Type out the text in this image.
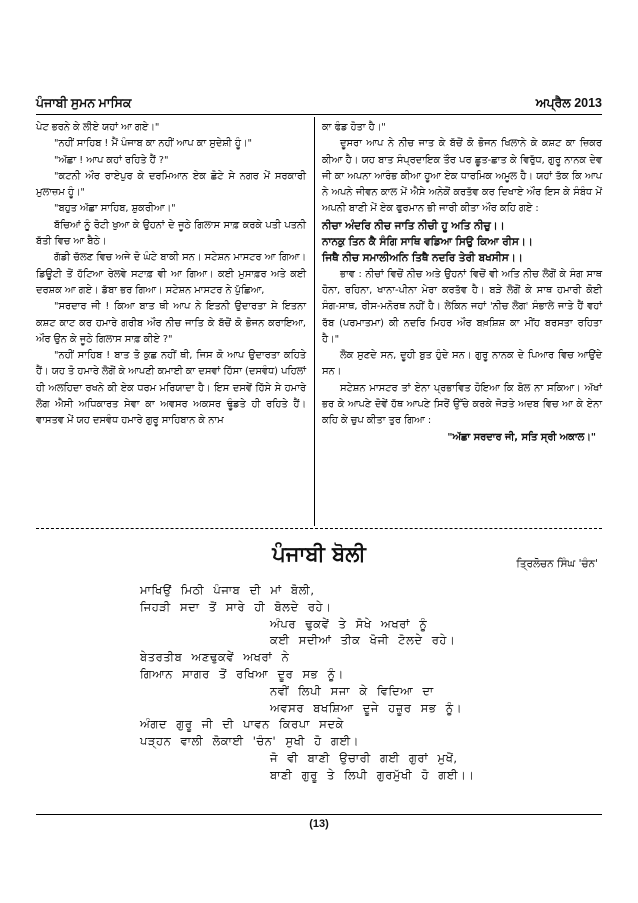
ਪੰਜਾਬੀ ਸੁਮਨ ਮਾਸਿਕ	ਅਪ੍ਰੈਲ 2013

ਪੇਟ ਭਰਨੇ ਕੇ ਲੀਏ ਯਹਾਂ ਆ ਗਏ।"

"ਨਹੀਂ ਸਾਹਿਬ ! ਮੈਂ ਪੰਜਾਬ ਕਾ ਨਹੀਂ ਆਪ ਕਾ ਸੁਦੇਸ਼ੀ ਹੂੰ।"

"ਅੱਛਾ ! ਆਪ ਕਹਾਂ ਰਹਿਤੇ ਹੈਂ ?"

"ਕਟਨੀ ਔਰ ਰਾਏਪੁਰ ਕੇ ਦਰਮਿਆਨ ਏਕ ਛੋਟੇ ਸੇ ਨਗਰ ਮੇਂ ਸਰਕਾਰੀ ਮੁਲਾਜ਼ਮ ਹੂੰ।"

"ਬਹੁਤ ਅੱਛਾ ਸਾਹਿਬ, ਸ਼ੁਕਰੀਆ।"

ਬੱਚਿਆਂ ਨੂੰ ਰੋਟੀ ਖੁਆ ਕੇ ਉਹਨਾਂ ਦੇ ਜੂਠੇ ਗਿਲਾਸ ਸਾਫ਼ ਕਰਕੇ ਪਤੀ ਪਤਨੀ ਬੱਤੀ ਵਿਚ ਆ ਬੈਠੇ।

ਗੱਡੀ ਚੱਲਣ ਵਿਚ ਅਜੇ ਦੋ ਘੰਟੇ ਬਾਕੀ ਸਨ। ਸਟੇਸ਼ਨ ਮਾਸਟਰ ਆ ਗਿਆ। ਡਿਊਟੀ ਤੋਂ ਹੱਟਿਆ ਰੇਲਵੇ ਸਟਾਫ਼ ਵੀ ਆ ਗਿਆ। ਕਈ ਮੁਸਾਫ਼ਰ ਅਤੇ ਕਈ ਦਰਸ਼ਕ ਆ ਗਏ। ਡੱਬਾ ਭਰ ਗਿਆ। ਸਟੇਸ਼ਨ ਮਾਸਟਰ ਨੇ ਪੁੱਛਿਆ,

"ਸਰਦਾਰ ਜੀ ! ਕਿਆ ਬਾਤ ਥੀ ਆਪ ਨੇ ਇਤਨੀ ਉਦਾਰਤਾ ਸੇ ਇਤਨਾ ਕਸ਼ਟ ਕਾਟ ਕਰ ਹਮਾਰੇ ਗਰੀਬ ਔਰ ਨੀਚ ਜਾਤਿ ਕੇ ਬੱਚੋਂ ਕੋ ਭੋਜਨ ਕਰਾਇਆ, ਔਰ ਉਨ ਕੇ ਜੂਠੇ ਗਿਲਾਸ ਸਾਫ਼ ਕੀਏ ?"

"ਨਹੀਂ ਸਾਹਿਬ ! ਬਾਤ ਤੋ ਕੁਛ ਨਹੀਂ ਥੀ, ਜਿਸ ਕੋ ਆਪ ਉਦਾਰਤਾ ਕਹਿਤੇ ਹੈਂ। ਯਹ ਤੋ ਹਮਾਰੇ ਲੋਗੋਂ ਕੇ ਆਪਣੀ ਕਮਾਈ ਕਾ ਦਸਵਾਂ ਹਿੱਸਾ (ਦਸਵੰਧ) ਪਹਿਲਾਂ ਹੀ ਅਲਹਿਦਾ ਰਖਨੇ ਕੀ ਏਕ ਧਰਮ ਮਰਿਯਾਦਾ ਹੈ। ਇਸ ਦਸਵੇਂ ਹਿੱਸੇ ਸੇ ਹਮਾਰੇ ਲੋਗ ਐਸੀ ਅਧਿਕਾਰਤ ਸੇਵਾ ਕਾ ਅਵਸਰ ਅਕਸਰ ਢੂੰਡਤੇ ਹੀ ਰਹਿਤੇ ਹੈਂ। ਵਾਸਤਵ ਮੇਂ ਯਹ ਦਸਵੰਧ ਹਮਾਰੇ ਗੁਰੂ ਸਾਹਿਬਾਨ ਕੇ ਨਾਮ

ਕਾ ਫੰਡ ਹੋਤਾ ਹੈ।"

ਦੂਸਰਾ ਆਪ ਨੇ ਨੀਚ ਜਾਤ ਕੇ ਬੱਚੋਂ ਕੋ ਭੋਜਨ ਖਿਲਾਨੇ ਕੇ ਕਸ਼ਟ ਕਾ ਜ਼ਿਕਰ ਕੀਆ ਹੈ। ਯਹ ਬਾਤ ਸੰਪ੍ਰਦਾਇਕ ਤੌਰ ਪਰ ਛੂਤ-ਛਾਤ ਕੇ ਵਿਰੁੱਧ, ਗੁਰੂ ਨਾਨਕ ਦੇਵ ਜੀ ਕਾ ਅਪਨਾ ਆਰੰਭ ਕੀਆ ਹੂਆ ਏਕ ਧਾਰਮਿਕ ਅਮੂਲ ਹੈ। ਯਹਾਂ ਤੱਕ ਕਿ ਆਪ ਨੇ ਅਪਨੇ ਜੀਵਨ ਕਾਲ ਮੇਂ ਐਸੇ ਅਨੇਕੋਂ ਕਰਤੱਵ ਕਰ ਦਿਖਾਏ ਔਰ ਇਸ ਕੇ ਸੰਬੰਧ ਮੇਂ ਅਪਨੀ ਬਾਣੀ ਮੇਂ ਏਕ ਫੁਰਮਾਨ ਭੀ ਜਾਰੀ ਕੀਤਾ ਔਰ ਕਹਿ ਗਏ :

ਨੀਚਾ ਅੰਦਰਿ ਨੀਚ ਜਾਤਿ ਨੀਚੀ ਹੂ ਅਤਿ ਨੀਚੁ।।

ਨਾਨਕੁ ਤਿਨ ਕੈ ਸੰਗਿ ਸਾਥਿ ਵਡਿਆ ਸਿਉ ਕਿਆ ਰੀਸ।।

ਜਿਥੈ ਨੀਚ ਸਮਾਲੀਅਨਿ ਤਿਥੈ ਨਦਰਿ ਤੇਰੀ ਬਖਸੀਸ।।

ਭਾਵ : ਨੀਚਾਂ ਵਿਚੋਂ ਨੀਚ ਅਤੇ ਉਹਨਾਂ ਵਿਚੋਂ ਵੀ ਅਤਿ ਨੀਚ ਲੋਗੋਂ ਕੇ ਸੰਗ ਸਾਥ ਹੋਨਾ, ਰਹਿਨਾ, ਖਾਨਾ-ਪੀਨਾ ਮੇਰਾ ਕਰਤੱਵ ਹੈ। ਬੜੇ ਲੋਗੋਂ ਕੇ ਸਾਥ ਹਮਾਰੀ ਕੋਈ ਸੰਗ-ਸਾਥ, ਰੀਸ-ਮਨੋਰਥ ਨਹੀਂ ਹੈ। ਲੇਕਿਨ ਜਹਾਂ 'ਨੀਚ ਲੋਗ' ਸੰਭਾਲੇ ਜਾਤੇ ਹੈਂ ਵਹਾਂ ਰੱਬ (ਪਰਮਾਤਮਾ) ਕੀ ਨਦਰਿ ਮਿਹਰ ਔਰ ਬਖ਼ਸ਼ਿਸ਼ ਕਾ ਮੀਂਹ ਬਰਸਤਾ ਰਹਿਤਾ ਹੈ।"

ਲੋਕ ਸੁਣਦੇ ਸਨ, ਦੂਹੀ ਬੁਤ ਹੁੰਦੇ ਸਨ। ਗੁਰੂ ਨਾਨਕ ਦੇ ਪਿਆਰ ਵਿਚ ਆਉਂਦੇ ਸਨ।

ਸਟੇਸ਼ਨ ਮਾਸਟਰ ਤਾਂ ਏਨਾ ਪ੍ਰਭਾਵਿਤ ਹੋਇਆ ਕਿ ਬੋਲ ਨਾ ਸਕਿਆ। ਅੱਖਾਂ ਭਰ ਕੇ ਆਪਣੇ ਦੋਵੇਂ ਹੱਥ ਆਪਣੇ ਸਿਰੋਂ ਉੱਚੇ ਕਰਕੇ ਜੋੜਤੇ ਅਦਬ ਵਿਚ ਆ ਕੇ ਏਨਾ ਕਹਿ ਕੇ ਚੁਪ ਕੀਤਾ ਤੁਰ ਗਿਆ :

"ਅੱਛਾ ਸਰਦਾਰ ਜੀ, ਸਤਿ ਸ੍ਰੀ ਅਕਾਲ।"

ਪੰਜਾਬੀ ਬੋਲੀ	ਤ੍ਰਿਲੋਚਨ ਸਿੰਘ 'ਚੰਨ'
ਮਾਖਿਉਂ ਮਿਠੀ ਪੰਜਾਬ ਦੀ ਮਾਂ ਬੋਲੀ,
ਜਿਹੜੀ ਸਦਾ ਤੋਂ ਸਾਰੇ ਹੀ ਬੋਲਦੇ ਰਹੇ।
ਅੰਪਰ ਢੁਕਵੇਂ ਤੇ ਸੋਖੇ ਅਖਰਾਂ ਨੂੰ
ਕਈ ਸਦੀਆਂ ਤੀਕ ਖੋਜੀ ਟੋਲਦੇ ਰਹੇ।
ਬੇਤਰਤੀਬ ਅਣਢੁਕਵੇਂ ਅਖਰਾਂ ਨੇ
ਗਿਆਨ ਸਾਗਰ ਤੋਂ ਰਖਿਆ ਦੂਰ ਸਭ ਨੂੰ।
ਨਵੀਂ ਲਿਪੀ ਸਜਾ ਕੇ ਵਿਦਿਆ ਦਾ
ਅਵਸਰ ਬਖਸ਼ਿਆ ਦੂਜੇ ਹਜ਼ੂਰ ਸਭ ਨੂੰ।
ਅੰਗਦ ਗੁਰੂ ਜੀ ਦੀ ਪਾਵਨ ਕਿਰਪਾ ਸਦਕੇ
ਪੜ੍ਹਨ ਵਾਲੀ ਲੋਕਾਈ 'ਚੰਨ' ਸੁਖੀ ਹੋ ਗਈ।
ਜੋ ਵੀ ਬਾਣੀ ਉਚਾਰੀ ਗਈ ਗੁਰਾਂ ਮੁਖੋਂ,
ਬਾਣੀ ਗੁਰੂ ਤੇ ਲਿਪੀ ਗੁਰਮੁੱਖੀ ਹੋ ਗਈ।।
(13)
